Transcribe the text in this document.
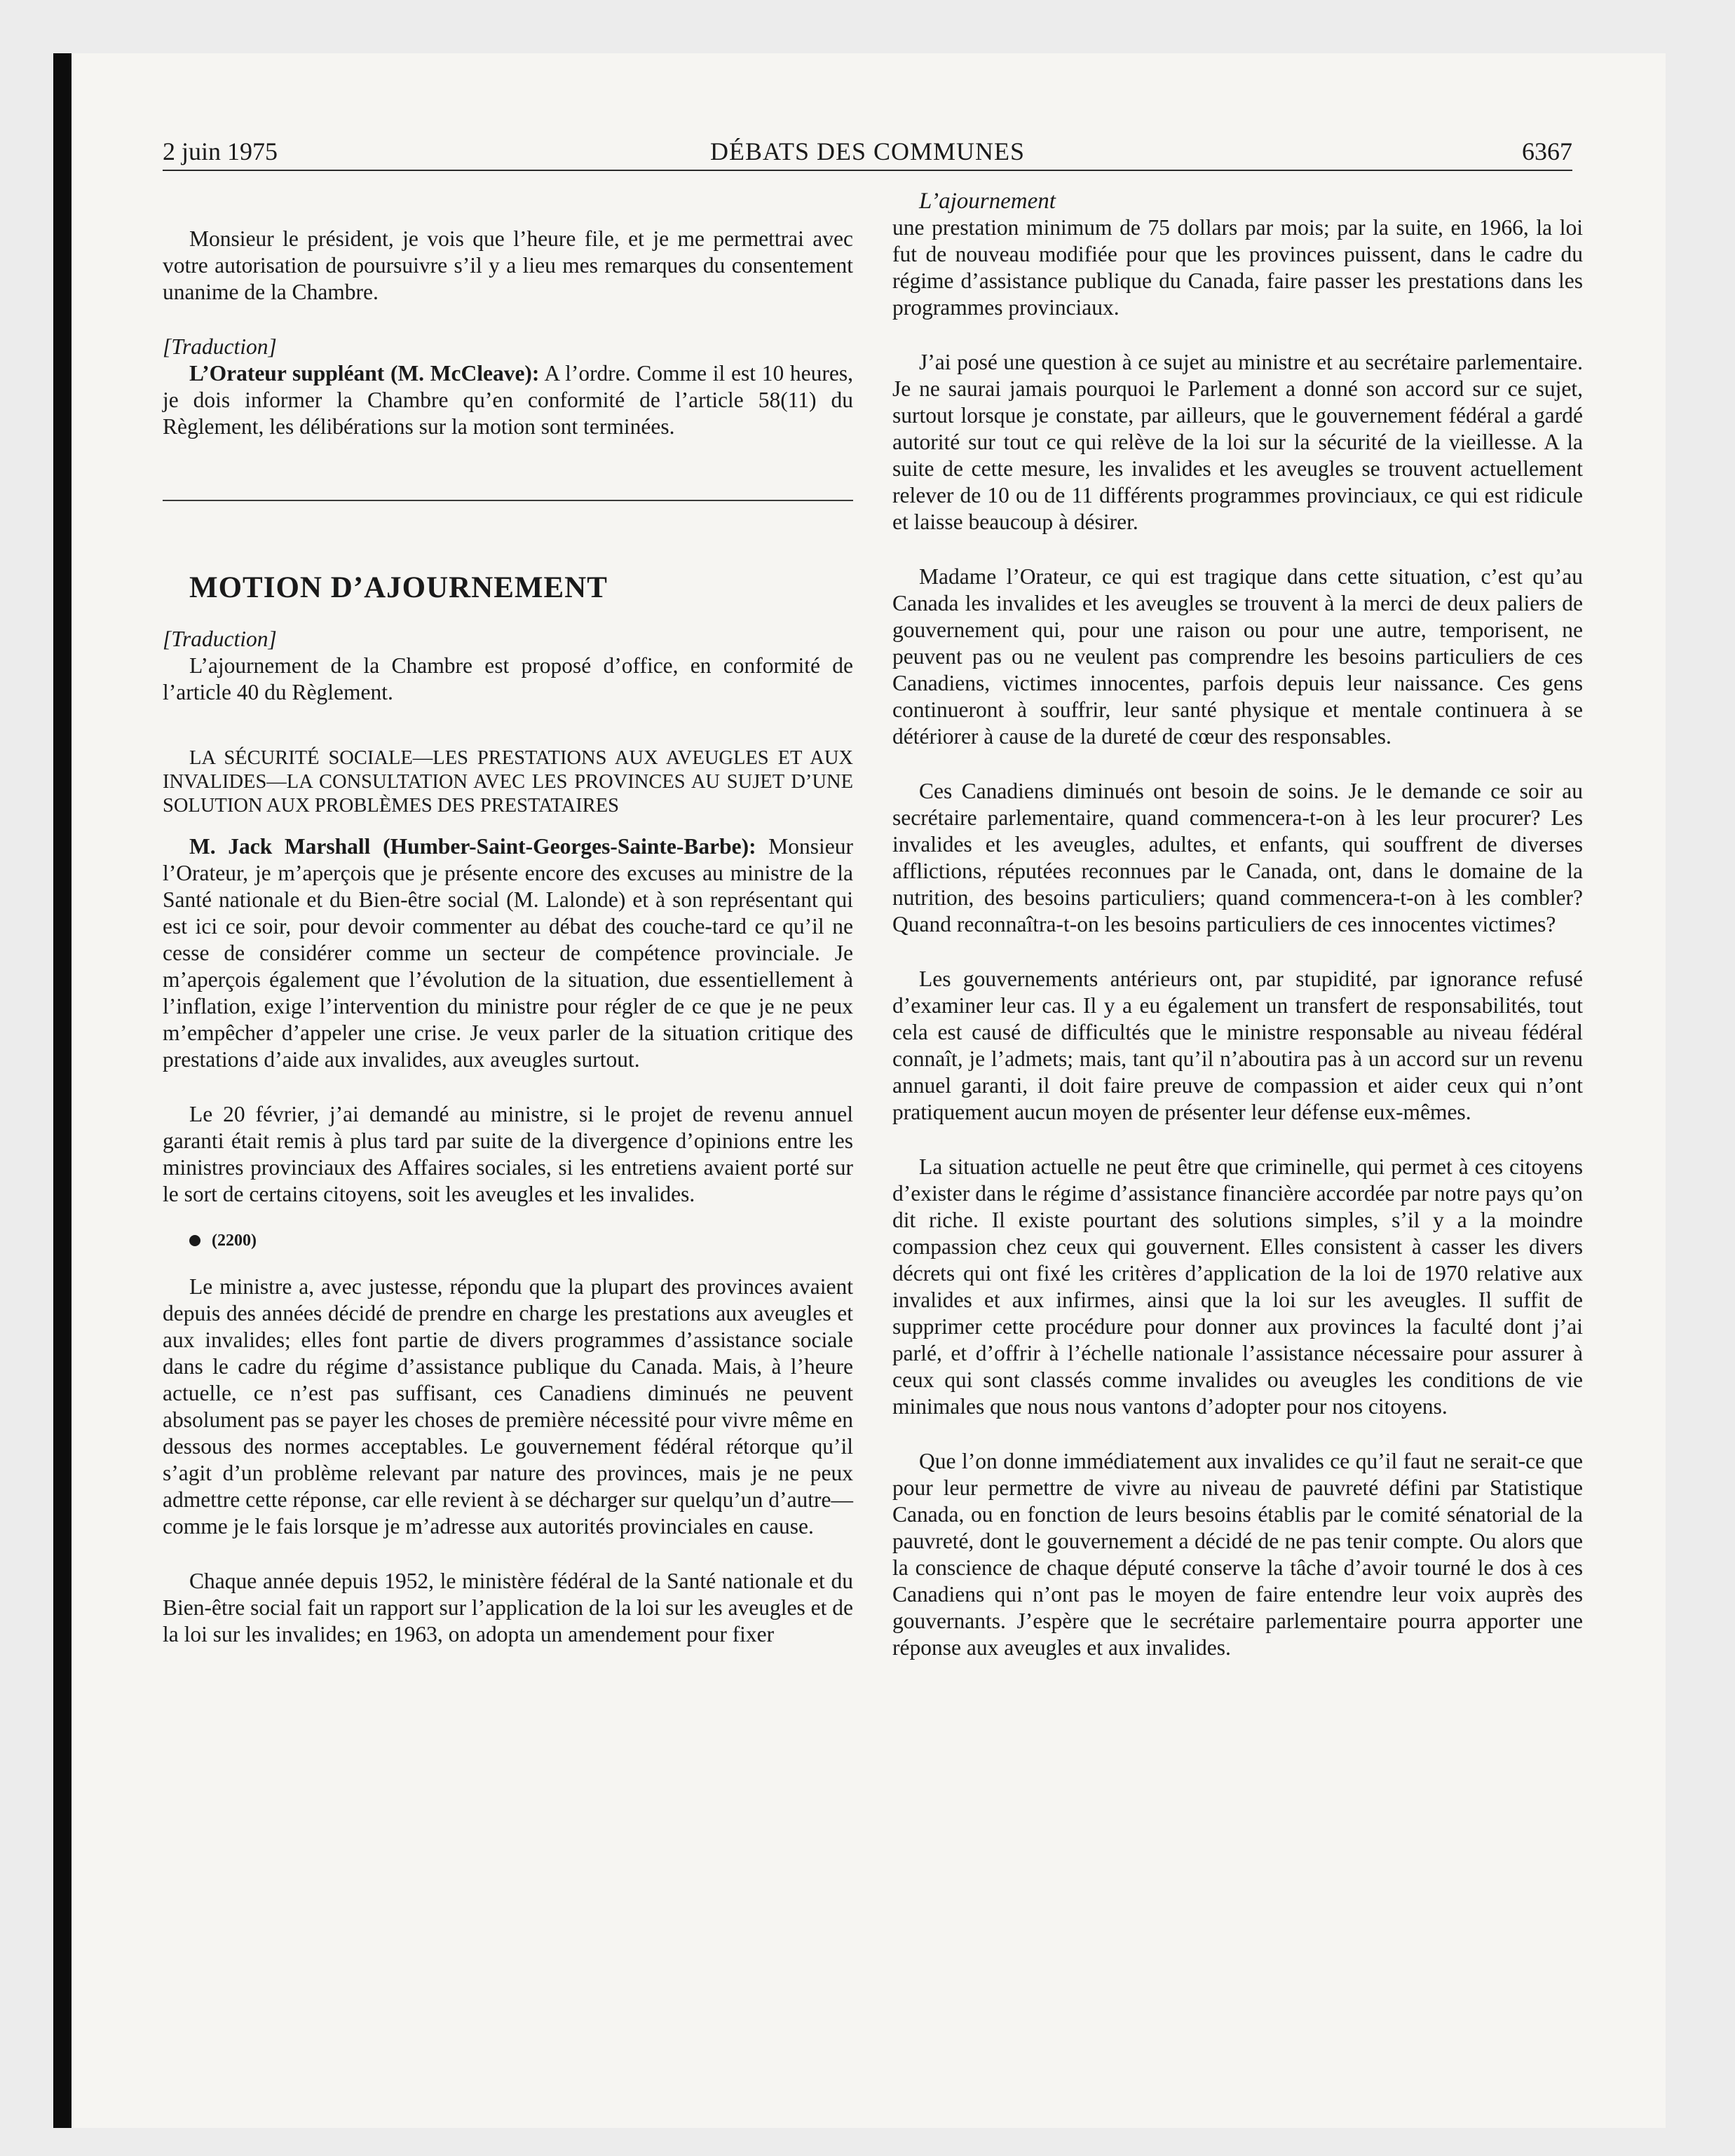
2 juin 1975	DÉBATS DES COMMUNES	6367

Monsieur le président, je vois que l’heure file, et je me permettrai avec votre autorisation de poursuivre s’il y a lieu mes remarques du consentement unanime de la Chambre.

[Traduction]

L’Orateur suppléant (M. McCleave): A l’ordre. Comme il est 10 heures, je dois informer la Chambre qu’en conformité de l’article 58(11) du Règlement, les délibérations sur la motion sont terminées.

MOTION D’AJOURNEMENT

[Traduction]

L’ajournement de la Chambre est proposé d’office, en conformité de l’article 40 du Règlement.

LA SÉCURITÉ SOCIALE—LES PRESTATIONS AUX AVEUGLES ET AUX INVALIDES—LA CONSULTATION AVEC LES PROVINCES AU SUJET D’UNE SOLUTION AUX PROBLÈMES DES PRESTATAIRES

M. Jack Marshall (Humber-Saint-Georges-Sainte-Barbe): Monsieur l’Orateur, je m’aperçois que je présente encore des excuses au ministre de la Santé nationale et du Bien-être social (M. Lalonde) et à son représentant qui est ici ce soir, pour devoir commenter au débat des couche-tard ce qu’il ne cesse de considérer comme un secteur de compétence provinciale. Je m’aperçois également que l’évolution de la situation, due essentiellement à l’inflation, exige l’intervention du ministre pour régler de ce que je ne peux m’empêcher d’appeler une crise. Je veux parler de la situation critique des prestations d’aide aux invalides, aux aveugles surtout.

Le 20 février, j’ai demandé au ministre, si le projet de revenu annuel garanti était remis à plus tard par suite de la divergence d’opinions entre les ministres provinciaux des Affaires sociales, si les entretiens avaient porté sur le sort de certains citoyens, soit les aveugles et les invalides.

(2200)

Le ministre a, avec justesse, répondu que la plupart des provinces avaient depuis des années décidé de prendre en charge les prestations aux aveugles et aux invalides; elles font partie de divers programmes d’assistance sociale dans le cadre du régime d’assistance publique du Canada. Mais, à l’heure actuelle, ce n’est pas suffisant, ces Canadiens diminués ne peuvent absolument pas se payer les choses de première nécessité pour vivre même en dessous des normes acceptables. Le gouvernement fédéral rétorque qu’il s’agit d’un problème relevant par nature des provinces, mais je ne peux admettre cette réponse, car elle revient à se décharger sur quelqu’un d’autre—comme je le fais lorsque je m’adresse aux autorités provinciales en cause.

Chaque année depuis 1952, le ministère fédéral de la Santé nationale et du Bien-être social fait un rapport sur l’application de la loi sur les aveugles et de la loi sur les invalides; en 1963, on adopta un amendement pour fixer

L’ajournement

une prestation minimum de 75 dollars par mois; par la suite, en 1966, la loi fut de nouveau modifiée pour que les provinces puissent, dans le cadre du régime d’assistance publique du Canada, faire passer les prestations dans les programmes provinciaux.

J’ai posé une question à ce sujet au ministre et au secrétaire parlementaire. Je ne saurai jamais pourquoi le Parlement a donné son accord sur ce sujet, surtout lorsque je constate, par ailleurs, que le gouvernement fédéral a gardé autorité sur tout ce qui relève de la loi sur la sécurité de la vieillesse. A la suite de cette mesure, les invalides et les aveugles se trouvent actuellement relever de 10 ou de 11 différents programmes provinciaux, ce qui est ridicule et laisse beaucoup à désirer.

Madame l’Orateur, ce qui est tragique dans cette situation, c’est qu’au Canada les invalides et les aveugles se trouvent à la merci de deux paliers de gouvernement qui, pour une raison ou pour une autre, temporisent, ne peuvent pas ou ne veulent pas comprendre les besoins particuliers de ces Canadiens, victimes innocentes, parfois depuis leur naissance. Ces gens continueront à souffrir, leur santé physique et mentale continuera à se détériorer à cause de la dureté de cœur des responsables.

Ces Canadiens diminués ont besoin de soins. Je le demande ce soir au secrétaire parlementaire, quand commencera-t-on à les leur procurer? Les invalides et les aveugles, adultes, et enfants, qui souffrent de diverses afflictions, réputées reconnues par le Canada, ont, dans le domaine de la nutrition, des besoins particuliers; quand commencera-t-on à les combler? Quand reconnaîtra-t-on les besoins particuliers de ces innocentes victimes?

Les gouvernements antérieurs ont, par stupidité, par ignorance refusé d’examiner leur cas. Il y a eu également un transfert de responsabilités, tout cela est causé de difficultés que le ministre responsable au niveau fédéral connaît, je l’admets; mais, tant qu’il n’aboutira pas à un accord sur un revenu annuel garanti, il doit faire preuve de compassion et aider ceux qui n’ont pratiquement aucun moyen de présenter leur défense eux-mêmes.

La situation actuelle ne peut être que criminelle, qui permet à ces citoyens d’exister dans le régime d’assistance financière accordée par notre pays qu’on dit riche. Il existe pourtant des solutions simples, s’il y a la moindre compassion chez ceux qui gouvernent. Elles consistent à casser les divers décrets qui ont fixé les critères d’application de la loi de 1970 relative aux invalides et aux infirmes, ainsi que la loi sur les aveugles. Il suffit de supprimer cette procédure pour donner aux provinces la faculté dont j’ai parlé, et d’offrir à l’échelle nationale l’assistance nécessaire pour assurer à ceux qui sont classés comme invalides ou aveugles les conditions de vie minimales que nous nous vantons d’adopter pour nos citoyens.

Que l’on donne immédiatement aux invalides ce qu’il faut ne serait-ce que pour leur permettre de vivre au niveau de pauvreté défini par Statistique Canada, ou en fonction de leurs besoins établis par le comité sénatorial de la pauvreté, dont le gouvernement a décidé de ne pas tenir compte. Ou alors que la conscience de chaque député conserve la tâche d’avoir tourné le dos à ces Canadiens qui n’ont pas le moyen de faire entendre leur voix auprès des gouvernants. J’espère que le secrétaire parlementaire pourra apporter une réponse aux aveugles et aux invalides.
